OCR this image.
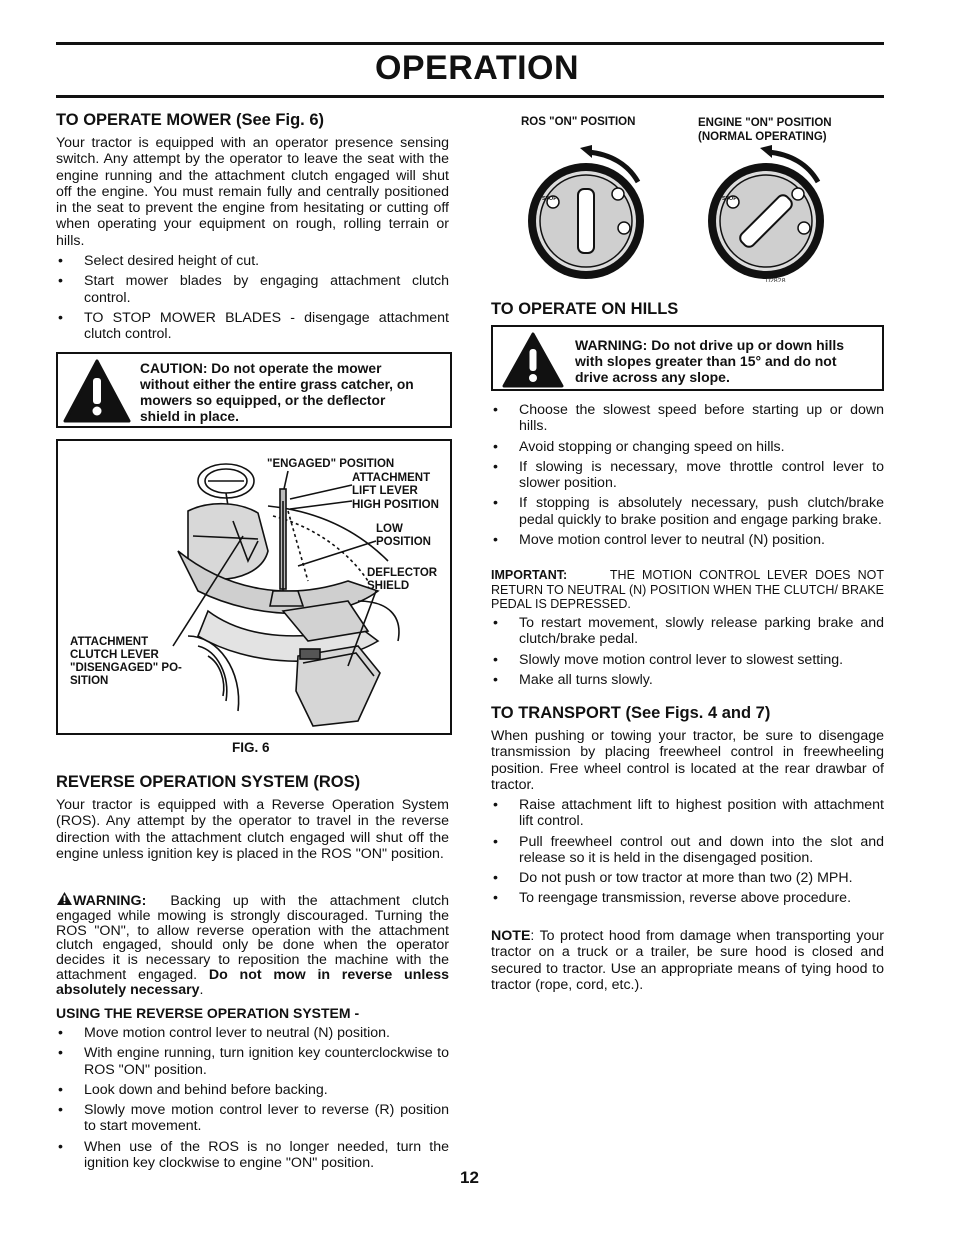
OPERATION
TO OPERATE MOWER (See Fig. 6)

Your tractor is equipped with an operator presence sensing switch. Any attempt by the operator to leave the seat with the engine running and the attachment clutch engaged will shut off the engine. You must remain fully and centrally positioned in the seat to prevent the engine from hesitating or cutting off when operating your equipment on rough, rolling terrain or hills.

• Select desired height of cut.
• Start mower blades by engaging attachment clutch control.
• TO STOP MOWER BLADES - disengage attachment clutch control.
CAUTION: Do not operate the mower without either the entire grass catcher, on mowers so equipped, or the deflector shield in place.
"ENGAGED" POSITION
ATTACHMENT
LIFT LEVER
HIGH POSITION
LOW
POSITION
DEFLECTOR
SHIELD
ATTACHMENT
CLUTCH LEVER
"DISENGAGED" PO-
SITION
FIG. 6
REVERSE OPERATION SYSTEM (ROS)

Your tractor is equipped with a Reverse Operation System (ROS). Any attempt by the operator to travel in the reverse direction with the attachment clutch engaged will shut off the engine unless ignition key is placed in the ROS "ON" position.

WARNING: Backing up with the attachment clutch engaged while mowing is strongly discouraged. Turning the ROS "ON", to allow reverse operation with the attachment clutch engaged, should only be done when the operator decides it is necessary to reposition the machine with the attachment engaged. Do not mow in reverse unless absolutely necessary.
USING THE REVERSE OPERATION SYSTEM -
• Move motion control lever to neutral (N) position.
• With engine running, turn ignition key counterclockwise to ROS "ON" position.
• Look down and behind before backing.
• Slowly move motion control lever to reverse (R) position to start movement.
• When use of the ROS is no longer needed, turn the ignition key clockwise to engine "ON" position.
12
ROS "ON" POSITION	ENGINE "ON" POSITION
(NORMAL OPERATING)
STOP	STOP
02828
TO OPERATE ON HILLS
WARNING: Do not drive up or down hills with slopes greater than 15° and do not drive across any slope.
• Choose the slowest speed before starting up or down hills.
• Avoid stopping or changing speed on hills.
• If slowing is necessary, move throttle control lever to slower position.
• If stopping is absolutely necessary, push clutch/brake pedal quickly to brake position and engage parking brake.
• Move motion control lever to neutral (N) position.
IMPORTANT:	THE MOTION CONTROL LEVER DOES NOT RETURN TO NEUTRAL (N) POSITION WHEN THE CLUTCH/ BRAKE PEDAL IS DEPRESSED.
• To restart movement, slowly release parking brake and clutch/brake pedal.
• Slowly move motion control lever to slowest setting.
• Make all turns slowly.
TO TRANSPORT (See Figs. 4 and 7)

When pushing or towing your tractor, be sure to disengage transmission by placing freewheel control in freewheeling position. Free wheel control is located at the rear drawbar of tractor.

• Raise attachment lift to highest position with attachment lift control.
• Pull freewheel control out and down into the slot and release so it is held in the disengaged position.
• Do not push or tow tractor at more than two (2) MPH.
• To reengage transmission, reverse above procedure.

NOTE: To protect hood from damage when transporting your tractor on a truck or a trailer, be sure hood is closed and secured to tractor. Use an appropriate means of tying hood to tractor (rope, cord, etc.).
